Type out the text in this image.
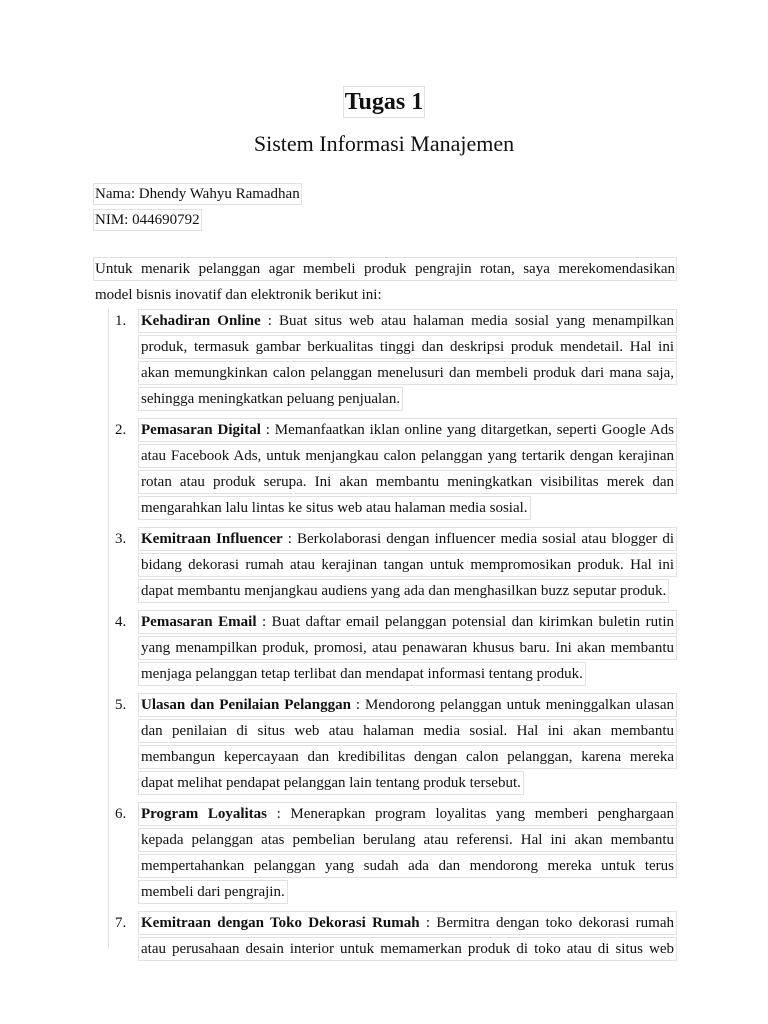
Tugas 1
Sistem Informasi Manajemen
Nama: Dhendy Wahyu Ramadhan
NIM: 044690792
Untuk menarik pelanggan agar membeli produk pengrajin rotan, saya merekomendasikan
model bisnis inovatif dan elektronik berikut ini:
1. Kehadiran Online : Buat situs web atau halaman media sosial yang menampilkan
produk, termasuk gambar berkualitas tinggi dan deskripsi produk mendetail. Hal ini
akan memungkinkan calon pelanggan menelusuri dan membeli produk dari mana saja,
sehingga meningkatkan peluang penjualan.
2. Pemasaran Digital : Memanfaatkan iklan online yang ditargetkan, seperti Google Ads
atau Facebook Ads, untuk menjangkau calon pelanggan yang tertarik dengan kerajinan
rotan atau produk serupa. Ini akan membantu meningkatkan visibilitas merek dan
mengarahkan lalu lintas ke situs web atau halaman media sosial.
3. Kemitraan Influencer : Berkolaborasi dengan influencer media sosial atau blogger di
bidang dekorasi rumah atau kerajinan tangan untuk mempromosikan produk. Hal ini
dapat membantu menjangkau audiens yang ada dan menghasilkan buzz seputar produk.
4. Pemasaran Email : Buat daftar email pelanggan potensial dan kirimkan buletin rutin
yang menampilkan produk, promosi, atau penawaran khusus baru. Ini akan membantu
menjaga pelanggan tetap terlibat dan mendapat informasi tentang produk.
5. Ulasan dan Penilaian Pelanggan : Mendorong pelanggan untuk meninggalkan ulasan
dan penilaian di situs web atau halaman media sosial. Hal ini akan membantu
membangun kepercayaan dan kredibilitas dengan calon pelanggan, karena mereka
dapat melihat pendapat pelanggan lain tentang produk tersebut.
6. Program Loyalitas : Menerapkan program loyalitas yang memberi penghargaan
kepada pelanggan atas pembelian berulang atau referensi. Hal ini akan membantu
mempertahankan pelanggan yang sudah ada dan mendorong mereka untuk terus
membeli dari pengrajin.
7. Kemitraan dengan Toko Dekorasi Rumah : Bermitra dengan toko dekorasi rumah
atau perusahaan desain interior untuk memamerkan produk di toko atau di situs web
